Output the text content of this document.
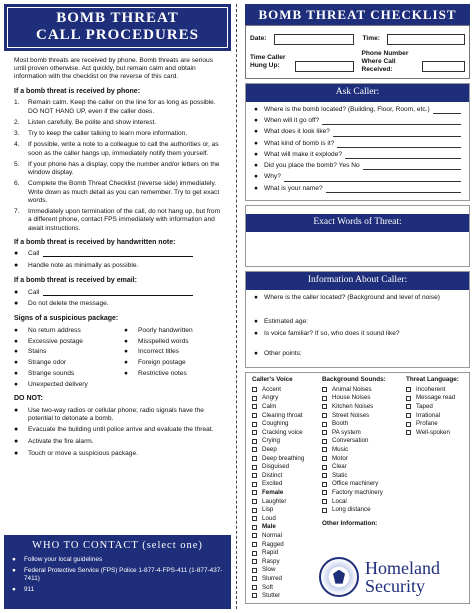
BOMB THREAT
CALL PROCEDURES

Most bomb threats are received by phone. Bomb threats are serious until proven otherwise. Act quickly, but remain calm and obtain information with the checklist on the reverse of this card.

If a bomb threat is received by phone:
1.	Remain calm. Keep the caller on the line for as long as possible. DO NOT HANG UP, even if the caller does.
2.	Listen carefully. Be polite and show interest.
3.	Try to keep the caller talking to learn more information.
4.	If possible, write a note to a colleague to call the authorities or, as soon as the caller hangs up, immediately notify them yourself.
5.	If your phone has a display, copy the number and/or letters on the window display.
6.	Complete the Bomb Threat Checklist (reverse side) immediately. Write down as much detail as you can remember. Try to get exact words.
7.	Immediately upon termination of the call, do not hang up, but from a different phone, contact FPS immediately with information and await instructions.
If a bomb threat is received by handwritten note:
●	Call
●	Handle note as minimally as possible.
If a bomb threat is received by email:
●	Call
●	Do not delete the message.
Signs of a suspicious package:
●	No return address	●	Poorly handwritten
●	Excessive postage	●	Misspelled words
●	Stains	●	Incorrect titles
●	Strange odor	●	Foreign postage
●	Strange sounds	●	Restrictive notes
●	Unexpected delivery
DO NOT:
●	Use two-way radios or cellular phone; radio signals have the potential to detonate a bomb.
●	Evacuate the building until police arrive and evaluate the threat.
●	Activate the fire alarm.
●	Touch or move a suspicious package.
WHO TO CONTACT (select one)
●	Follow your local guidelines
●	Federal Protective Service (FPS) Police 1-877-4-FPS-411 (1-877-437-7411)
●	911
BOMB THREAT CHECKLIST
Date:	Time:
Time Caller Hung Up:
Phone Number Where Call Received:
Ask Caller:
● Where is the bomb located? (Building, Floor, Room, etc.)
● When will it go off?
● What does it look like?
● What kind of bomb is it?
● What will make it explode?
● Did you place the bomb? Yes No
● Why?
● What is your name?
Exact Words of Threat:
Information About Caller:
● Where is the caller located? (Background and level of noise)
● Estimated age:
● Is voice familiar? If so, who does it sound like?
● Other points:
Caller's Voice
Accent
Angry
Calm
Clearing throat
Coughing
Cracking voice
Crying
Deep
Deep breathing
Disguised
Distinct
Excited
Female
Laughter
Lisp
Loud
Male
Normal
Ragged
Rapid
Raspy
Slow
Slurred
Soft
Stutter
Background Sounds:
Animal Noises
House Noises
Kitchen Noises
Street Noises
Booth
PA system
Conversation
Music
Motor
Clear
Static
Office machinery
Factory machinery
Local
Long distance
Other Information:
Threat Language:
Incoherent
Message read
Taped
Irrational
Profane
Well-spoken
Homeland
Security
